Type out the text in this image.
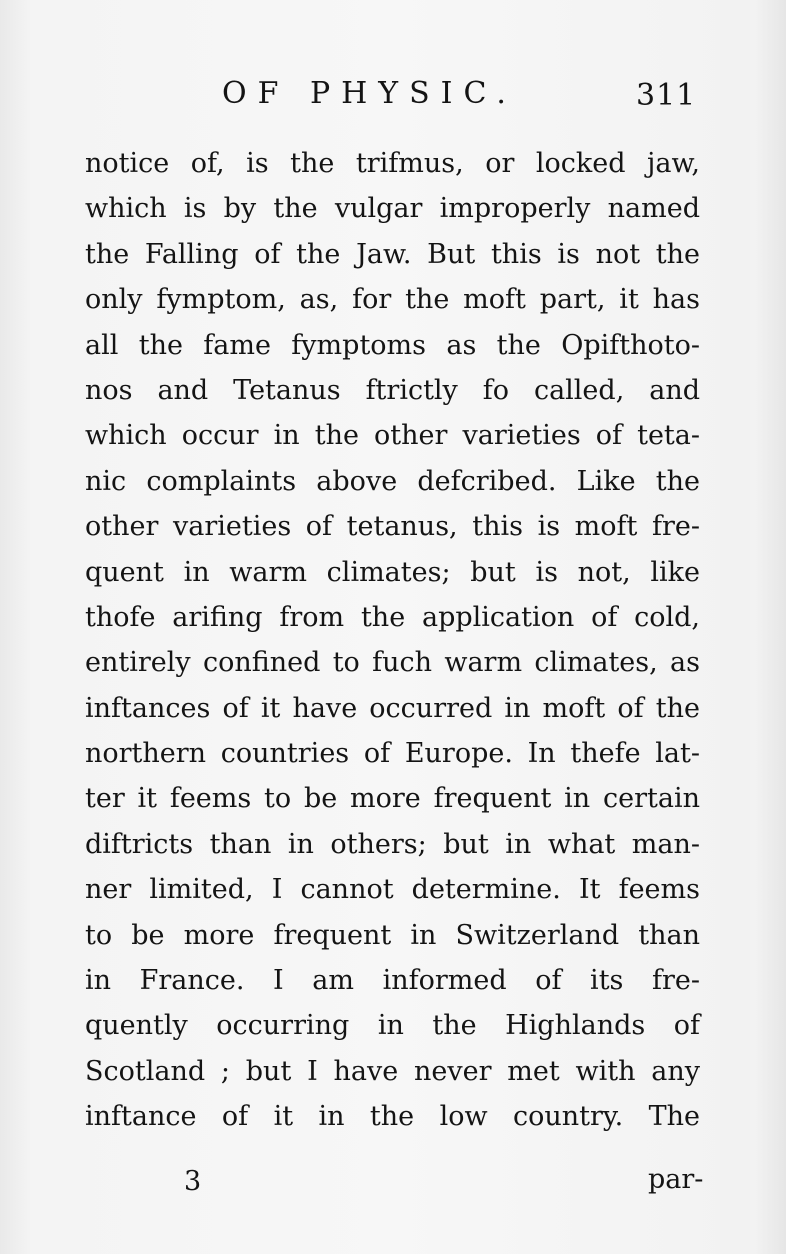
OF PHYSIC.	311
notice of, is the trifmus, or locked jaw,
which is by the vulgar improperly named
the Falling of the Jaw. But this is not the
only fymptom, as, for the moft part, it has
all the fame fymptoms as the Opifthoto-
nos and Tetanus ftrictly fo called, and
which occur in the other varieties of teta-
nic complaints above defcribed. Like the
other varieties of tetanus, this is moft fre-
quent in warm climates; but is not, like
thofe arifing from the application of cold,
entirely confined to fuch warm climates, as
inftances of it have occurred in moft of the
northern countries of Europe. In thefe lat-
ter it feems to be more frequent in certain
diftricts than in others; but in what man-
ner limited, I cannot determine. It feems
to be more frequent in Switzerland than
in France. I am informed of its fre-
quently occurring in the Highlands of
Scotland ; but I have never met with any
inftance of it in the low country. The
3	par-
